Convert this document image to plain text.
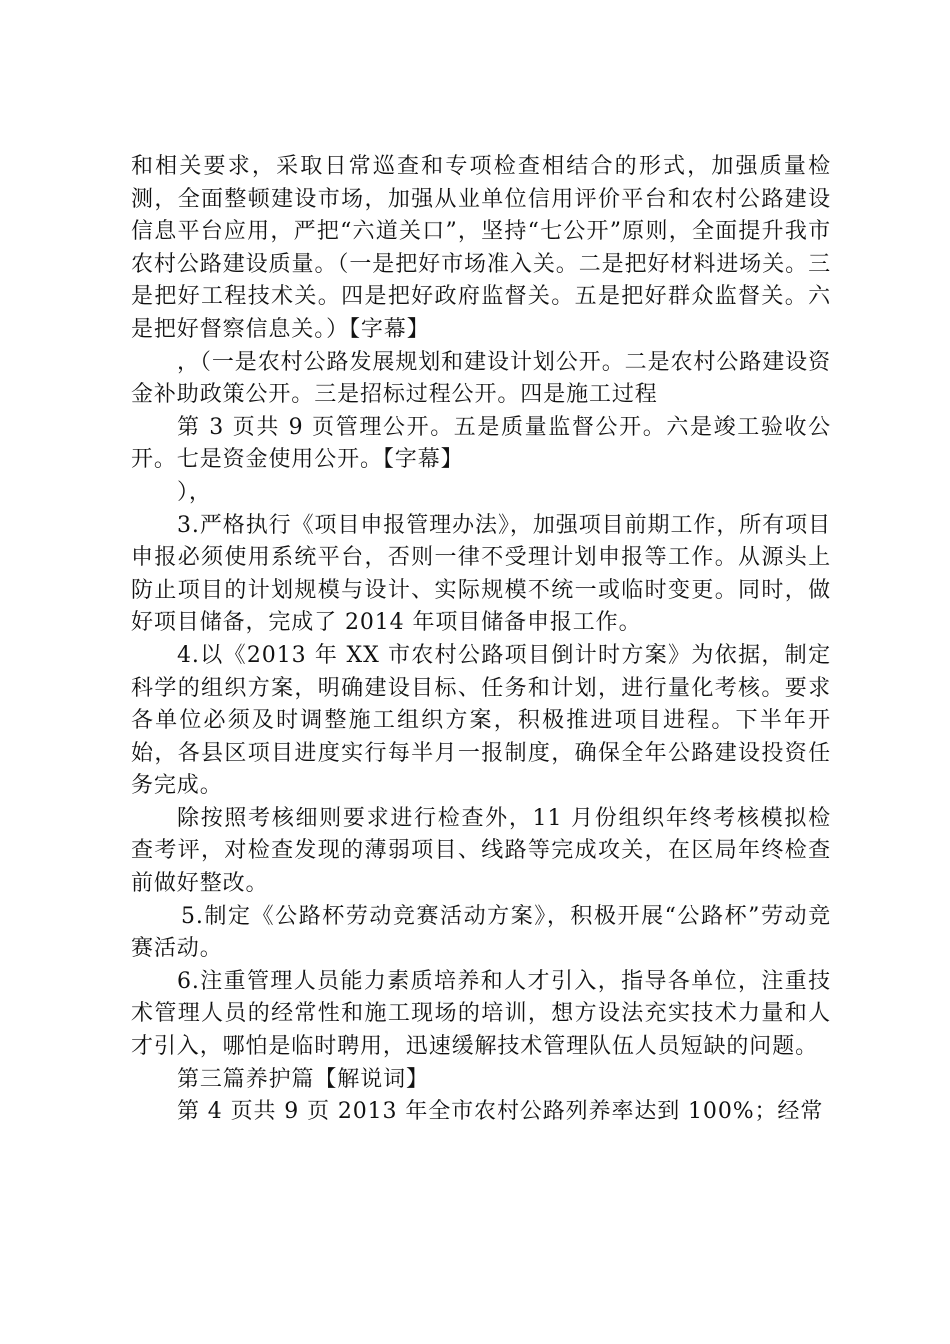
和相关要求，采取日常巡查和专项检查相结合的形式，加强质量检测，全面整顿建设市场，加强从业单位信用评价平台和农村公路建设信息平台应用，严把“六道关口”，坚持“七公开”原则，全面提升我市农村公路建设质量。（一是把好市场准入关。二是把好材料进场关。三是把好工程技术关。四是把好政府监督关。五是把好群众监督关。六是把好督察信息关。）【字幕】

，（一是农村公路发展规划和建设计划公开。二是农村公路建设资金补助政策公开。三是招标过程公开。四是施工过程

第 3 页共 9 页管理公开。五是质量监督公开。六是竣工验收公开。七是资金使用公开。【字幕】

），

3.严格执行《项目申报管理办法》，加强项目前期工作，所有项目申报必须使用系统平台，否则一律不受理计划申报等工作。从源头上防止项目的计划规模与设计、实际规模不统一或临时变更。同时，做好项目储备，完成了 2014 年项目储备申报工作。

4.以《2013 年 XX 市农村公路项目倒计时方案》为依据，制定科学的组织方案，明确建设目标、任务和计划，进行量化考核。要求各单位必须及时调整施工组织方案，积极推进项目进程。下半年开始，各县区项目进度实行每半月一报制度，确保全年公路建设投资任务完成。

除按照考核细则要求进行检查外，11 月份组织年终考核模拟检查考评，对检查发现的薄弱项目、线路等完成攻关，在区局年终检查前做好整改。

5.制定《公路杯劳动竞赛活动方案》，积极开展“公路杯”劳动竞赛活动。

6.注重管理人员能力素质培养和人才引入，指导各单位，注重技术管理人员的经常性和施工现场的培训，想方设法充实技术力量和人才引入，哪怕是临时聘用，迅速缓解技术管理队伍人员短缺的问题。

第三篇养护篇【解说词】

第 4 页共 9 页 2013 年全市农村公路列养率达到 100%；经常
